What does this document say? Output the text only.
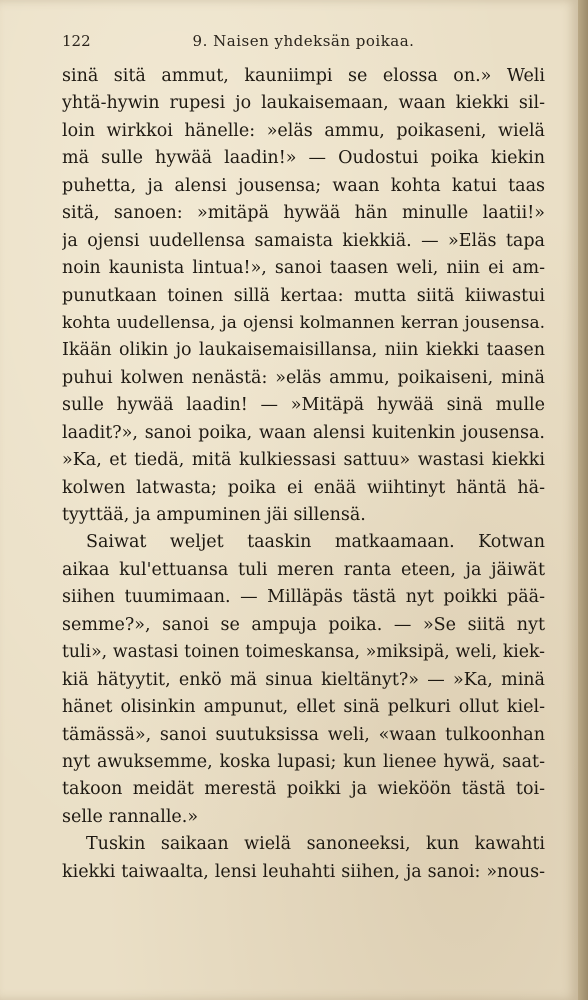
122	9. Naisen yhdeksän poikaa.
sinä sitä ammut, kauniimpi se elossa on.» Weli
yhtä-hywin rupesi jo laukaisemaan, waan kiekki sil-
loin wirkkoi hänelle: »eläs ammu, poikaseni, wielä
mä sulle hywää laadin!» — Oudostui poika kiekin
puhetta, ja alensi jousensa; waan kohta katui taas
sitä, sanoen: »mitäpä hywää hän minulle laatii!»
ja ojensi uudellensa samaista kiekkiä. — »Eläs tapa
noin kaunista lintua!», sanoi taasen weli, niin ei am-
punutkaan toinen sillä kertaa: mutta siitä kiiwastui
kohta uudellensa, ja ojensi kolmannen kerran jousensa.
Ikään olikin jo laukaisemaisillansa, niin kiekki taasen
puhui kolwen nenästä: »eläs ammu, poikaiseni, minä
sulle hywää laadin! — »Mitäpä hywää sinä mulle
laadit?», sanoi poika, waan alensi kuitenkin jousensa.
»Ka, et tiedä, mitä kulkiessasi sattuu» wastasi kiekki
kolwen latwasta; poika ei enää wiihtinyt häntä hä-
tyyttää, ja ampuminen jäi sillensä.
Saiwat weljet taaskin matkaamaan. Kotwan
aikaa kul'ettuansa tuli meren ranta eteen, ja jäiwät
siihen tuumimaan. — Milläpäs tästä nyt poikki pää-
semme?», sanoi se ampuja poika. — »Se siitä nyt
tuli», wastasi toinen toimeskansa, »miksipä, weli, kiek-
kiä hätyytit, enkö mä sinua kieltänyt?» — »Ka, minä
hänet olisinkin ampunut, ellet sinä pelkuri ollut kiel-
tämässä», sanoi suutuksissa weli, «waan tulkoonhan
nyt awuksemme, koska lupasi; kun lienee hywä, saat-
takoon meidät merestä poikki ja wieköön tästä toi-
selle rannalle.»
Tuskin saikaan wielä sanoneeksi, kun kawahti
kiekki taiwaalta, lensi leuhahti siihen, ja sanoi: »nous-
